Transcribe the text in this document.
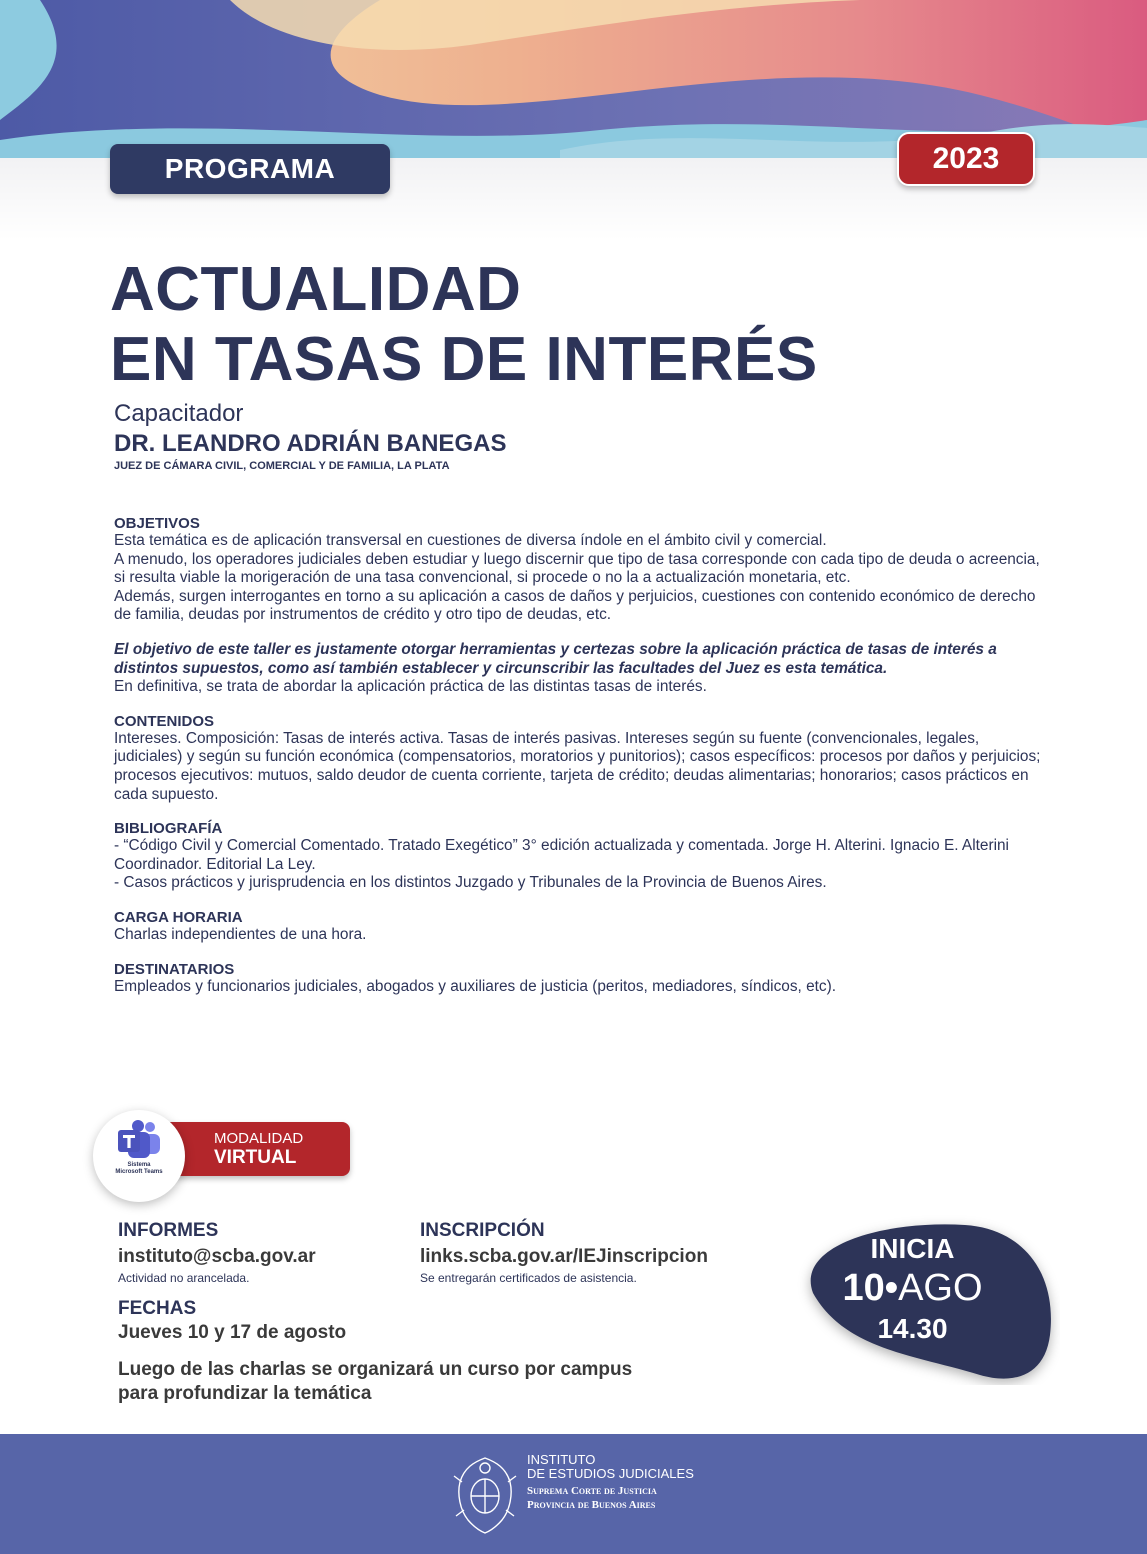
PROGRAMA	2023
ACTUALIDAD
EN TASAS DE INTERÉS
Capacitador
DR. LEANDRO ADRIÁN BANEGAS
JUEZ DE CÁMARA CIVIL, COMERCIAL Y DE FAMILIA, LA PLATA
OBJETIVOS

Esta temática es de aplicación transversal en cuestiones de diversa índole en el ámbito civil y comercial.

A menudo, los operadores judiciales deben estudiar y luego discernir que tipo de tasa corresponde con cada tipo de deuda o acreencia, si resulta viable la morigeración de una tasa convencional, si procede o no la a actualización monetaria, etc.

Además, surgen interrogantes en torno a su aplicación a casos de daños y perjuicios, cuestiones con contenido económico de derecho de familia, deudas por instrumentos de crédito y otro tipo de deudas, etc.

El objetivo de este taller es justamente otorgar herramientas y certezas sobre la aplicación práctica de tasas de interés a distintos supuestos, como así también establecer y circunscribir las facultades del Juez es esta temática.

En definitiva, se trata de abordar la aplicación práctica de las distintas tasas de interés.

CONTENIDOS

Intereses. Composición: Tasas de interés activa. Tasas de interés pasivas. Intereses según su fuente (convencionales, legales, judiciales) y según su función económica (compensatorios, moratorios y punitorios); casos específicos: procesos por daños y perjuicios; procesos ejecutivos: mutuos, saldo deudor de cuenta corriente, tarjeta de crédito; deudas alimentarias; honorarios; casos prácticos en cada supuesto.

BIBLIOGRAFÍA

- “Código Civil y Comercial Comentado. Tratado Exegético” 3° edición actualizada y comentada. Jorge H. Alterini. Ignacio E. Alterini Coordinador. Editorial La Ley.

- Casos prácticos y jurisprudencia en los distintos Juzgado y Tribunales de la Provincia de Buenos Aires.

CARGA HORARIA

Charlas independientes de una hora.

DESTINATARIOS

Empleados y funcionarios judiciales, abogados y auxiliares de justicia (peritos, mediadores, síndicos, etc).

Sistema
Microsoft Teams
MODALIDAD
VIRTUAL
INFORMES
instituto@scba.gov.ar
Actividad no arancelada.
INSCRIPCIÓN
links.scba.gov.ar/IEJinscripcion
Se entregarán certificados de asistencia.
FECHAS
Jueves 10 y 17 de agosto
Luego de las charlas se organizará un curso por campus
para profundizar la temática
INICIA
10•AGO
14.30
INSTITUTO
DE ESTUDIOS JUDICIALES
Suprema Corte de Justicia
Provincia de Buenos Aires
